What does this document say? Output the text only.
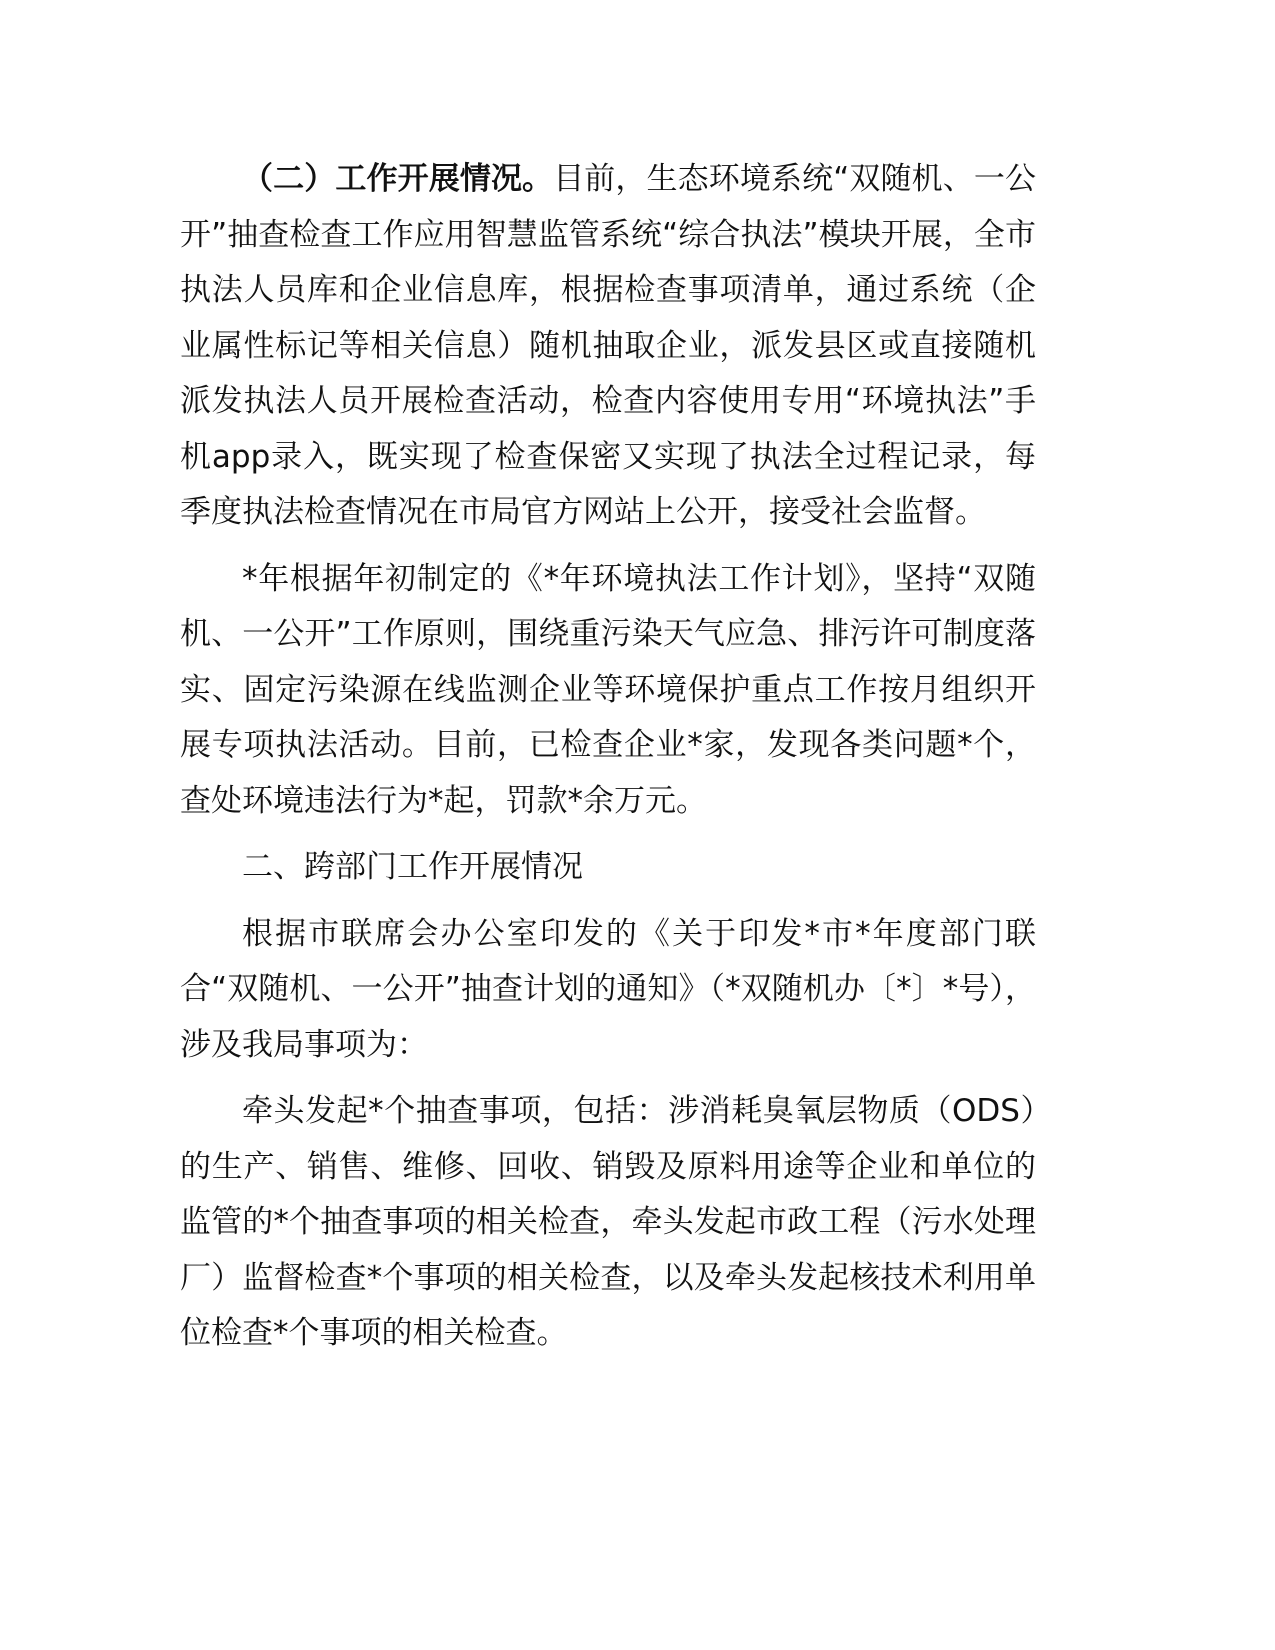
（二）工作开展情况。目前，生态环境系统“双随机、一公开”抽查检查工作应用智慧监管系统“综合执法”模块开展，全市执法人员库和企业信息库，根据检查事项清单，通过系统（企业属性标记等相关信息）随机抽取企业，派发县区或直接随机派发执法人员开展检查活动，检查内容使用专用“环境执法”手机app录入，既实现了检查保密又实现了执法全过程记录，每季度执法检查情况在市局官方网站上公开，接受社会监督。

*年根据年初制定的《*年环境执法工作计划》，坚持“双随机、一公开”工作原则，围绕重污染天气应急、排污许可制度落实、固定污染源在线监测企业等环境保护重点工作按月组织开展专项执法活动。目前，已检查企业*家，发现各类问题*个，查处环境违法行为*起，罚款*余万元。

二、跨部门工作开展情况

根据市联席会办公室印发的《关于印发*市*年度部门联合“双随机、一公开”抽查计划的通知》（*双随机办〔*〕*号），涉及我局事项为：

牵头发起*个抽查事项，包括：涉消耗臭氧层物质（ODS）的生产、销售、维修、回收、销毁及原料用途等企业和单位的监管的*个抽查事项的相关检查，牵头发起市政工程（污水处理厂）监督检查*个事项的相关检查，以及牵头发起核技术利用单位检查*个事项的相关检查。
